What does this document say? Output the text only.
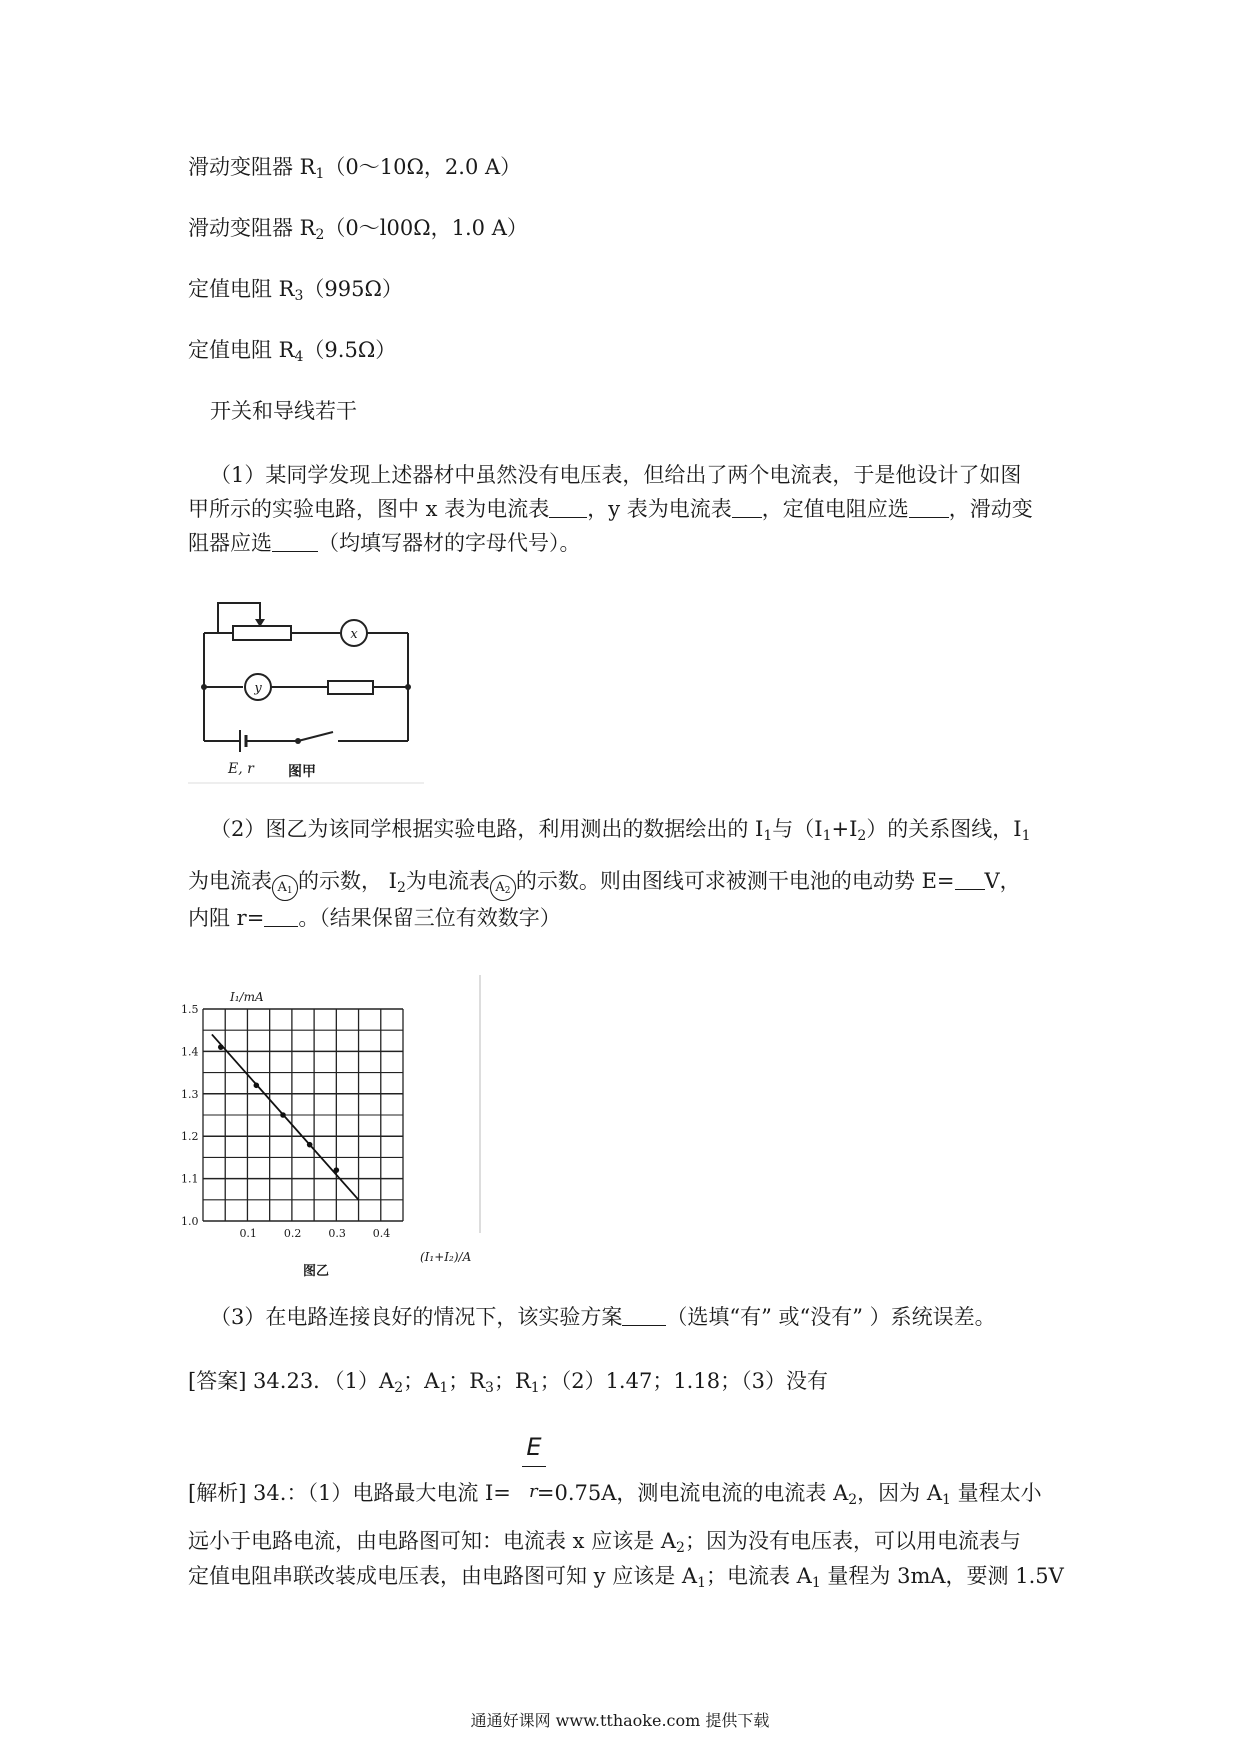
滑动变阻器 $R_1(0\sim 10\Omega$，2.0 A）
滑动变阻器 $R_2(0\sim l00\Omega$，1.0 A）
定值电阻 $R_3(995\Omega)$
定值电阻 $R_4(9.5\Omega)$
开关和导线若干
（1）某同学发现上述器材中虽然没有电压表，但给出了两个电流表，于是他设计了如图
甲所示的实验电路，图中 x 表为电流表 ，y 表为电流表 ，定值电阻应选 ，滑动变
阻器应选 （均填写器材的字母代号）。
x
y
E, r 图甲
（2）图乙为该同学根据实验电路，利用测出的数据绘出的 $I_1$与$(I_1+I_2)$的关系图线，$I_1$
为电流表 $A_1$ 的示数， $I_2$为电流表 $A_2$ 的示数。则由图线可求被测干电池的电动势 E= V，
内阻 r= 。（结果保留三位有效数字）
1.0
1.1
1.2
1.3
1.4
1.5
0.1 0.2 0.3 0.4
I₁/mA
(I₁+I₂)/A
图乙
（3）在电路连接良好的情况下，该实验方案 （选填“有” 或“没有” ）系统误差。
[答案] 34.23．$(1)A_2$；$A_1$；$R_3$；$R_1$；（2）1.47；1.18；（3）没有
E
r
[解析] 34.：（1）电路最大电流 I= =0.75A，测电流电流的电流表 $A_2$，因为 $A_1$ 量程太小
远小于电路电流，由电路图可知：电流表 x 应该是 $A_2$；因为没有电压表，可以用电流表与
定值电阻串联改装成电压表，由电路图可知 y 应该是 $A_1$；电流表 $A_1$ 量程为 3mA，要测 1.5V
通通好课网 www.tthaoke.com 提供下载
